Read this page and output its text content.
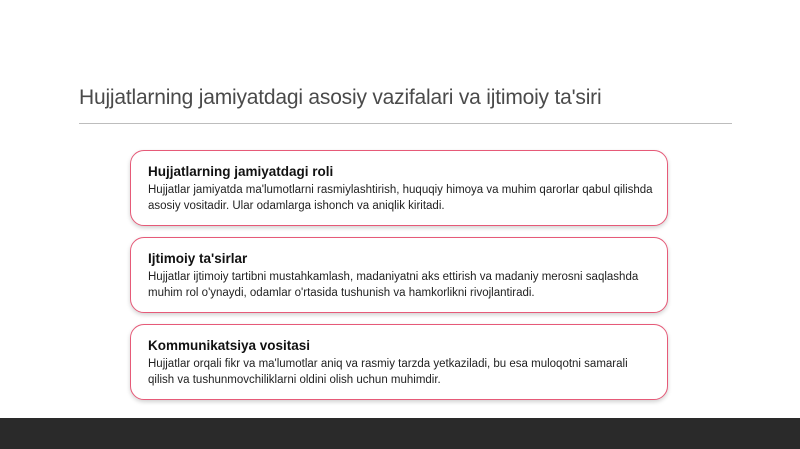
Hujjatlarning jamiyatdagi asosiy vazifalari va ijtimoiy ta'siri
Hujjatlarning jamiyatdagi roli

Hujjatlar jamiyatda ma'lumotlarni rasmiylashtirish, huquqiy himoya va muhim qarorlar qabul qilishda asosiy vositadir. Ular odamlarga ishonch va aniqlik kiritadi.

Ijtimoiy ta'sirlar

Hujjatlar ijtimoiy tartibni mustahkamlash, madaniyatni aks ettirish va madaniy merosni saqlashda muhim rol o'ynaydi, odamlar o'rtasida tushunish va hamkorlikni rivojlantiradi.

Kommunikatsiya vositasi

Hujjatlar orqali fikr va ma'lumotlar aniq va rasmiy tarzda yetkaziladi, bu esa muloqotni samarali qilish va tushunmovchiliklarni oldini olish uchun muhimdir.
